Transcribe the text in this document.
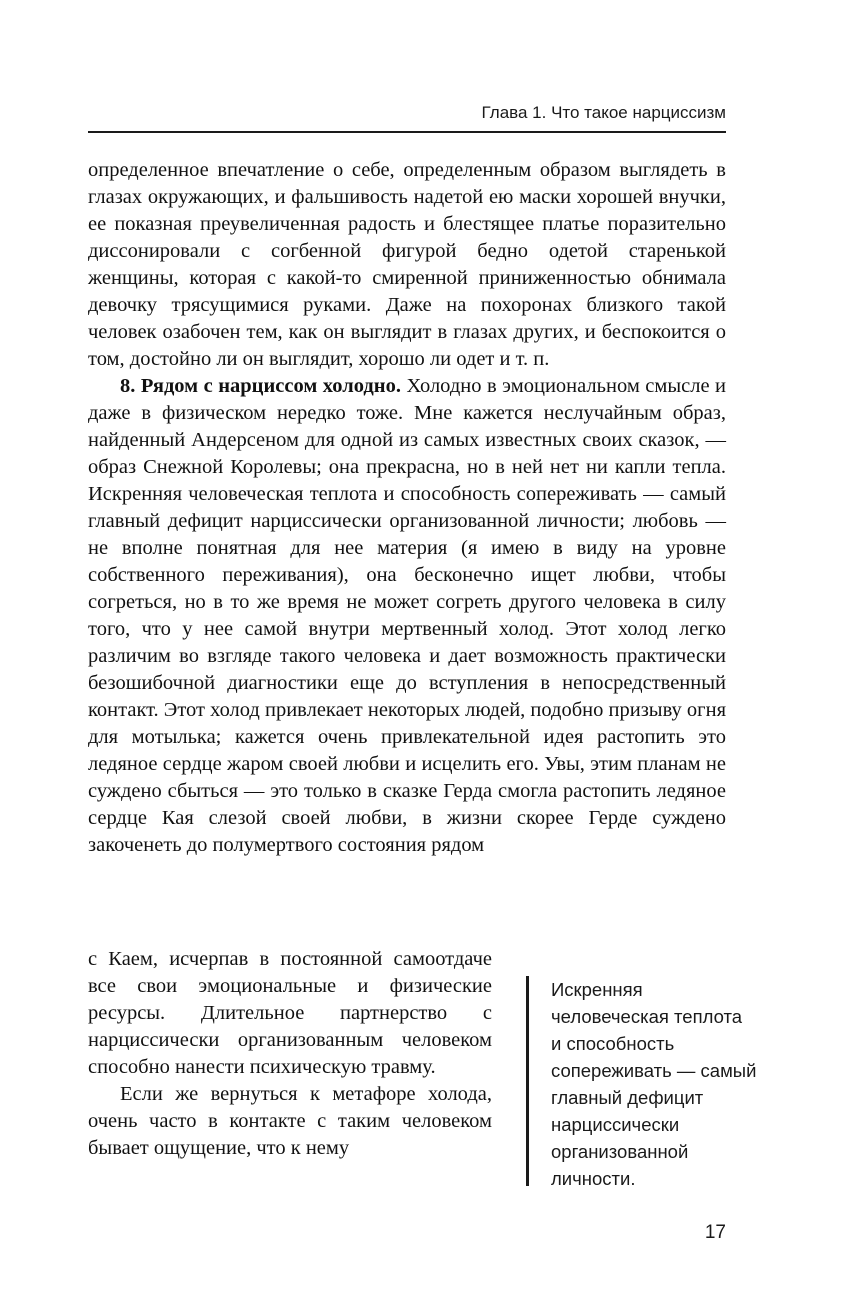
Глава 1. Что такое нарциссизм

определенное впечатление о себе, определенным образом выглядеть в глазах окружающих, и фальшивость надетой ею маски хорошей внучки, ее показная преувеличенная радость и блестящее платье поразительно диссонировали с согбенной фигурой бедно одетой старенькой женщины, которая с какой-то смиренной приниженностью обнимала девочку трясущимися руками. Даже на похоронах близкого такой человек озабочен тем, как он выглядит в глазах других, и беспокоится о том, достойно ли он выглядит, хорошо ли одет и т. п.

8. Рядом с нарциссом холодно. Холодно в эмоциональном смысле и даже в физическом нередко тоже. Мне кажется неслучайным образ, найденный Андерсеном для одной из самых известных своих сказок, — образ Снежной Королевы; она прекрасна, но в ней нет ни капли тепла. Искренняя человеческая теплота и способность сопереживать — самый главный дефицит нарциссически организованной личности; любовь — не вполне понятная для нее материя (я имею в виду на уровне собственного переживания), она бесконечно ищет любви, чтобы согреться, но в то же время не может согреть другого человека в силу того, что у нее самой внутри мертвенный холод. Этот холод легко различим во взгляде такого человека и дает возможность практически безошибочной диагностики еще до вступления в непосредственный контакт. Этот холод привлекает некоторых людей, подобно призыву огня для мотылька; кажется очень привлекательной идея растопить это ледяное сердце жаром своей любви и исцелить его. Увы, этим планам не суждено сбыться — это только в сказке Герда смогла растопить ледяное сердце Кая слезой своей любви, в жизни скорее Герде суждено закоченеть до полумертвого состояния рядом

с Каем, исчерпав в постоянной самоотдаче все свои эмоциональные и физические ресурсы. Длительное партнерство с нарциссически организованным человеком способно нанести психическую травму.

Если же вернуться к метафоре холода, очень часто в контакте с таким человеком бывает ощущение, что к нему

Искренняя
человеческая теплота
и способность
сопереживать — самый
главный дефицит
нарциссически
организованной
личности.
17
